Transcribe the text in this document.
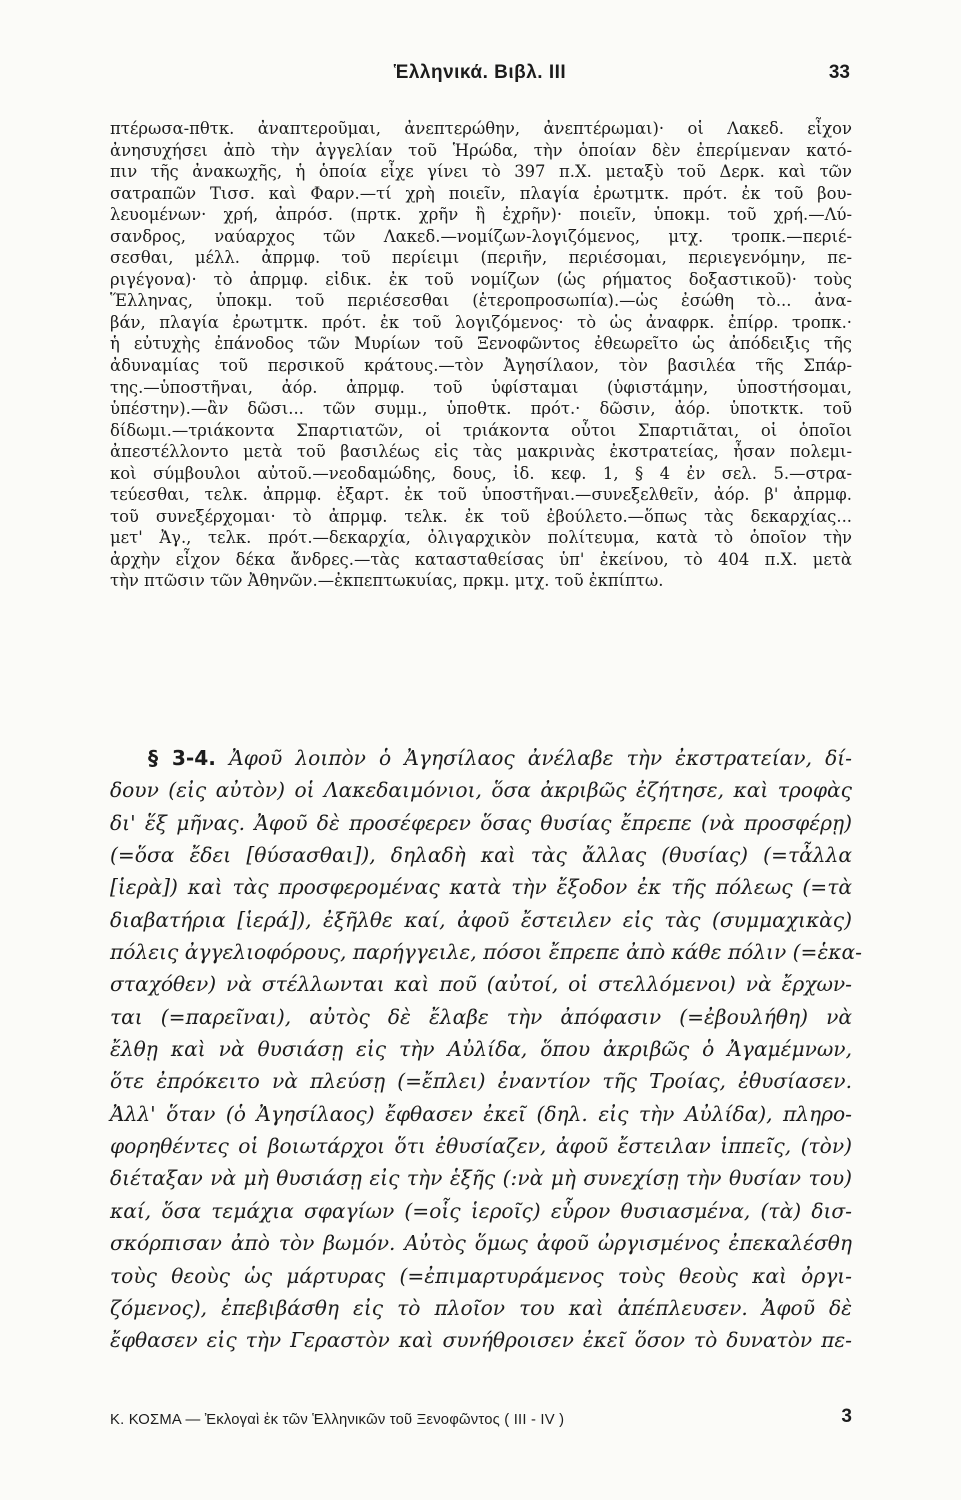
Ἑλληνικά. Βιβλ. ΙΙΙ	33
πτέρωσα-πθτκ. ἀναπτεροῦμαι, ἀνεπτερώθην, ἀνεπτέρωμαι)· οἱ Λακεδ. εἶχον
ἀνησυχήσει ἀπὸ τὴν ἀγγελίαν τοῦ Ἡρώδα, τὴν ὁποίαν δὲν ἐπερίμεναν κατό-
πιν τῆς ἀνακωχῆς, ἡ ὁποία εἶχε γίνει τὸ 397 π.Χ. μεταξὺ τοῦ Δερκ. καὶ τῶν
σατραπῶν Τισσ. καὶ Φαρν.—τί χρὴ ποιεῖν, πλαγία ἐρωτμτκ. πρότ. ἐκ τοῦ βου-
λευομένων· χρή, ἀπρόσ. (πρτκ. χρῆν ἢ ἐχρῆν)· ποιεῖν, ὑποκμ. τοῦ χρή.—Λύ-
σανδρος, ναύαρχος τῶν Λακεδ.—νομίζων-λογιζόμενος, μτχ. τροπκ.—περιέ-
σεσθαι, μέλλ. ἀπρμφ. τοῦ περίειμι (περιῆν, περιέσομαι, περιεγενόμην, πε-
ριγέγονα)· τὸ ἀπρμφ. εἰδικ. ἐκ τοῦ νομίζων (ὡς ρήματος δοξαστικοῦ)· τοὺς
Ἕλληνας, ὑποκμ. τοῦ περιέσεσθαι (ἑτεροπροσωπία).—ὡς ἐσώθη τὸ... ἀνα-
βάν, πλαγία ἐρωτμτκ. πρότ. ἐκ τοῦ λογιζόμενος· τὸ ὡς ἀναφρκ. ἐπίρρ. τροπκ.·
ἡ εὐτυχὴς ἐπάνοδος τῶν Μυρίων τοῦ Ξενοφῶντος ἐθεωρεῖτο ὡς ἀπόδειξις τῆς
ἀδυναμίας τοῦ περσικοῦ κράτους.—τὸν Ἀγησίλαον, τὸν βασιλέα τῆς Σπάρ-
της.—ὑποστῆναι, ἀόρ. ἀπρμφ. τοῦ ὑφίσταμαι (ὑφιστάμην, ὑποστήσομαι,
ὑπέστην).—ἂν δῶσι... τῶν συμμ., ὑποθτκ. πρότ.· δῶσιν, ἀόρ. ὑποτκτκ. τοῦ
δίδωμι.—τριάκοντα Σπαρτιατῶν, οἱ τριάκοντα οὗτοι Σπαρτιᾶται, οἱ ὁποῖοι
ἀπεστέλλοντο μετὰ τοῦ βασιλέως εἰς τὰς μακρινὰς ἐκστρατείας, ἦσαν πολεμι-
κοὶ σύμβουλοι αὐτοῦ.—νεοδαμώδης, δους, ἰδ. κεφ. 1, § 4 ἐν σελ. 5.—στρα-
τεύεσθαι, τελκ. ἀπρμφ. ἐξαρτ. ἐκ τοῦ ὑποστῆναι.—συνεξελθεῖν, ἀόρ. β' ἀπρμφ.
τοῦ συνεξέρχομαι· τὸ ἀπρμφ. τελκ. ἐκ τοῦ ἐβούλετο.—ὅπως τὰς δεκαρχίας...
μετ' Ἀγ., τελκ. πρότ.—δεκαρχία, ὀλιγαρχικὸν πολίτευμα, κατὰ τὸ ὁποῖον τὴν
ἀρχὴν εἶχον δέκα ἄνδρες.—τὰς κατασταθείσας ὑπ' ἐκείνου, τὸ 404 π.Χ. μετὰ
τὴν πτῶσιν τῶν Ἀθηνῶν.—ἐκπεπτωκυίας, πρκμ. μτχ. τοῦ ἐκπίπτω.
§ 3-4. Ἀφοῦ λοιπὸν ὁ Ἀγησίλαος ἀνέλαβε τὴν ἐκστρατείαν, δί-
δουν (εἰς αὐτὸν) οἱ Λακεδαιμόνιοι, ὅσα ἀκριβῶς ἐζήτησε, καὶ τροφὰς
δι' ἕξ μῆνας. Ἀφοῦ δὲ προσέφερεν ὅσας θυσίας ἔπρεπε (νὰ προσφέρῃ)
(=ὅσα ἔδει [θύσασθαι]), δηλαδὴ καὶ τὰς ἄλλας (θυσίας) (=τἆλλα
[ἱερὰ]) καὶ τὰς προσφερομένας κατὰ τὴν ἔξοδον ἐκ τῆς πόλεως (=τὰ
διαβατήρια [ἱερά]), ἐξῆλθε καί, ἀφοῦ ἔστειλεν εἰς τὰς (συμμαχικὰς)
πόλεις ἀγγελιοφόρους, παρήγγειλε, πόσοι ἔπρεπε ἀπὸ κάθε πόλιν (=ἑκα-
σταχόθεν) νὰ στέλλωνται καὶ ποῦ (αὐτοί, οἱ στελλόμενοι) νὰ ἔρχων-
ται (=παρεῖναι), αὐτὸς δὲ ἔλαβε τὴν ἀπόφασιν (=ἐβουλήθη) νὰ
ἔλθῃ καὶ νὰ θυσιάσῃ εἰς τὴν Αὐλίδα, ὅπου ἀκριβῶς ὁ Ἀγαμέμνων,
ὅτε ἐπρόκειτο νὰ πλεύσῃ (=ἔπλει) ἐναντίον τῆς Τροίας, ἐθυσίασεν.
Ἀλλ' ὅταν (ὁ Ἀγησίλαος) ἔφθασεν ἐκεῖ (δηλ. εἰς τὴν Αὐλίδα), πληρο-
φορηθέντες οἱ βοιωτάρχοι ὅτι ἐθυσίαζεν, ἀφοῦ ἔστειλαν ἱππεῖς, (τὸν)
διέταξαν νὰ μὴ θυσιάσῃ εἰς τὴν ἑξῆς (:νὰ μὴ συνεχίσῃ τὴν θυσίαν του)
καί, ὅσα τεμάχια σφαγίων (=οἷς ἱεροῖς) εὗρον θυσιασμένα, (τὰ) δισ-
σκόρπισαν ἀπὸ τὸν βωμόν. Αὐτὸς ὅμως ἀφοῦ ὠργισμένος ἐπεκαλέσθη
τοὺς θεοὺς ὡς μάρτυρας (=ἐπιμαρτυράμενος τοὺς θεοὺς καὶ ὀργι-
ζόμενος), ἐπεβιβάσθη εἰς τὸ πλοῖον του καὶ ἀπέπλευσεν. Ἀφοῦ δὲ
ἔφθασεν εἰς τὴν Γεραστὸν καὶ συνήθροισεν ἐκεῖ ὅσον τὸ δυνατὸν πε-
Κ. ΚΟΣΜΑ — Ἐκλογαὶ ἐκ τῶν Ἑλληνικῶν τοῦ Ξενοφῶντος ( ΙΙΙ - ΙV )	3
